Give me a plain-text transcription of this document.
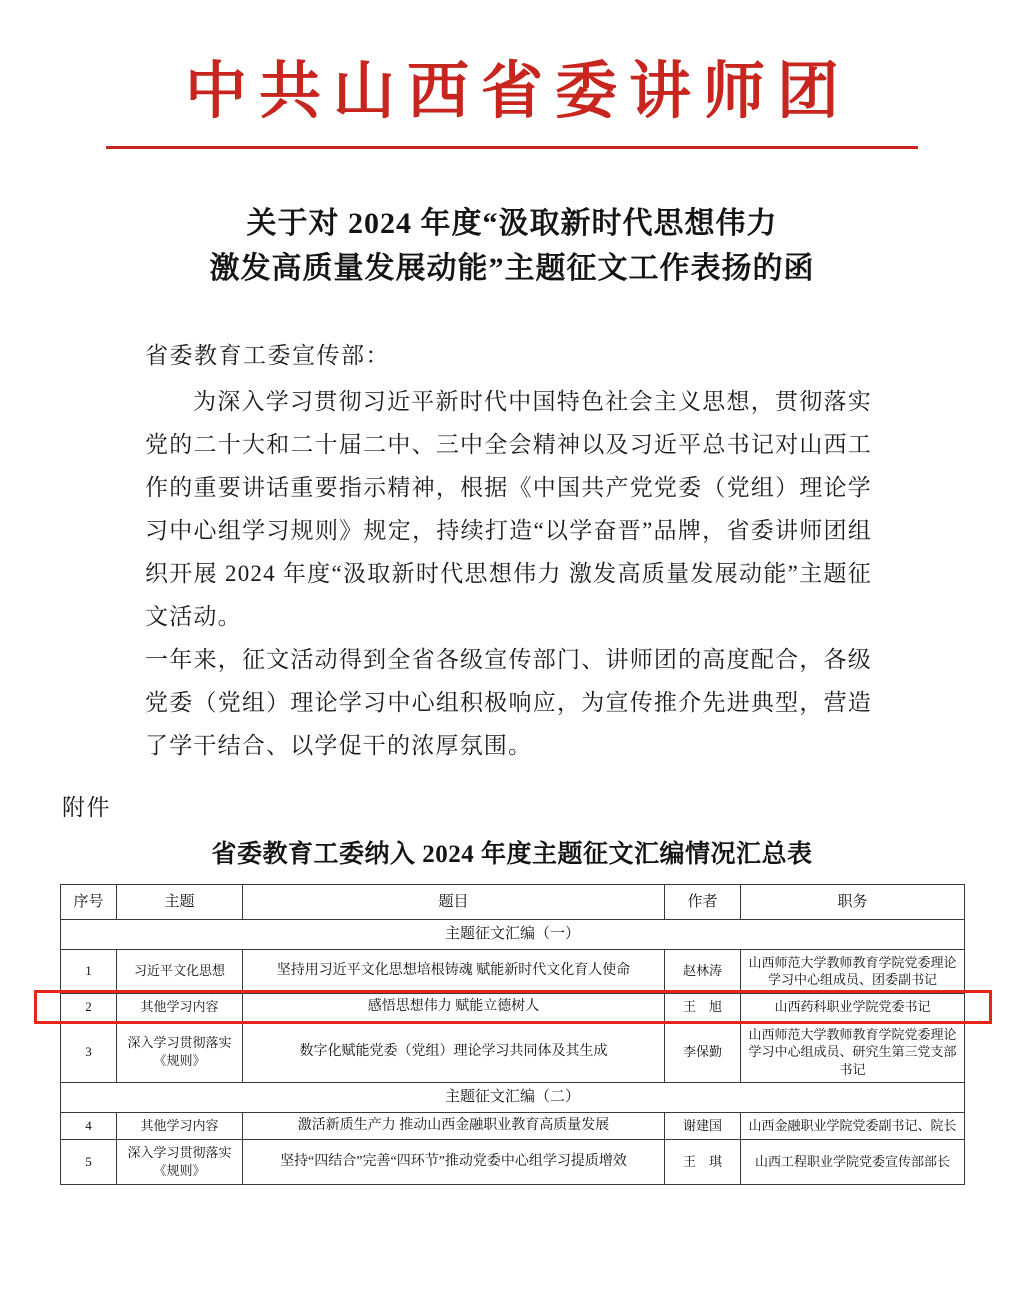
中共山西省委讲师团
关于对 2024 年度“汲取新时代思想伟力
激发高质量发展动能”主题征文工作表扬的函
省委教育工委宣传部：

为深入学习贯彻习近平新时代中国特色社会主义思想，贯彻落实党的二十大和二十届二中、三中全会精神以及习近平总书记对山西工作的重要讲话重要指示精神，根据《中国共产党党委（党组）理论学习中心组学习规则》规定，持续打造“以学奋晋”品牌，省委讲师团组织开展 2024 年度“汲取新时代思想伟力 激发高质量发展动能”主题征文活动。

一年来，征文活动得到全省各级宣传部门、讲师团的高度配合，各级党委（党组）理论学习中心组积极响应，为宣传推介先进典型，营造了学干结合、以学促干的浓厚氛围。

附件
省委教育工委纳入 2024 年度主题征文汇编情况汇总表
序号	主题	题目	作者	职务
主题征文汇编（一）				
1	习近平文化思想	坚持用习近平文化思想培根铸魂 赋能新时代文化育人使命	赵林涛	山西师范大学教师教育学院党委理论学习中心组成员、团委副书记
2	其他学习内容	感悟思想伟力 赋能立德树人	王　旭	山西药科职业学院党委书记
3	深入学习贯彻落实《规则》	数字化赋能党委（党组）理论学习共同体及其生成	李保勤	山西师范大学教师教育学院党委理论学习中心组成员、研究生第三党支部书记
主题征文汇编（二）				
4	其他学习内容	激活新质生产力 推动山西金融职业教育高质量发展	谢建国	山西金融职业学院党委副书记、院长
5	深入学习贯彻落实《规则》	坚持“四结合”完善“四环节”推动党委中心组学习提质增效	王　琪	山西工程职业学院党委宣传部部长
